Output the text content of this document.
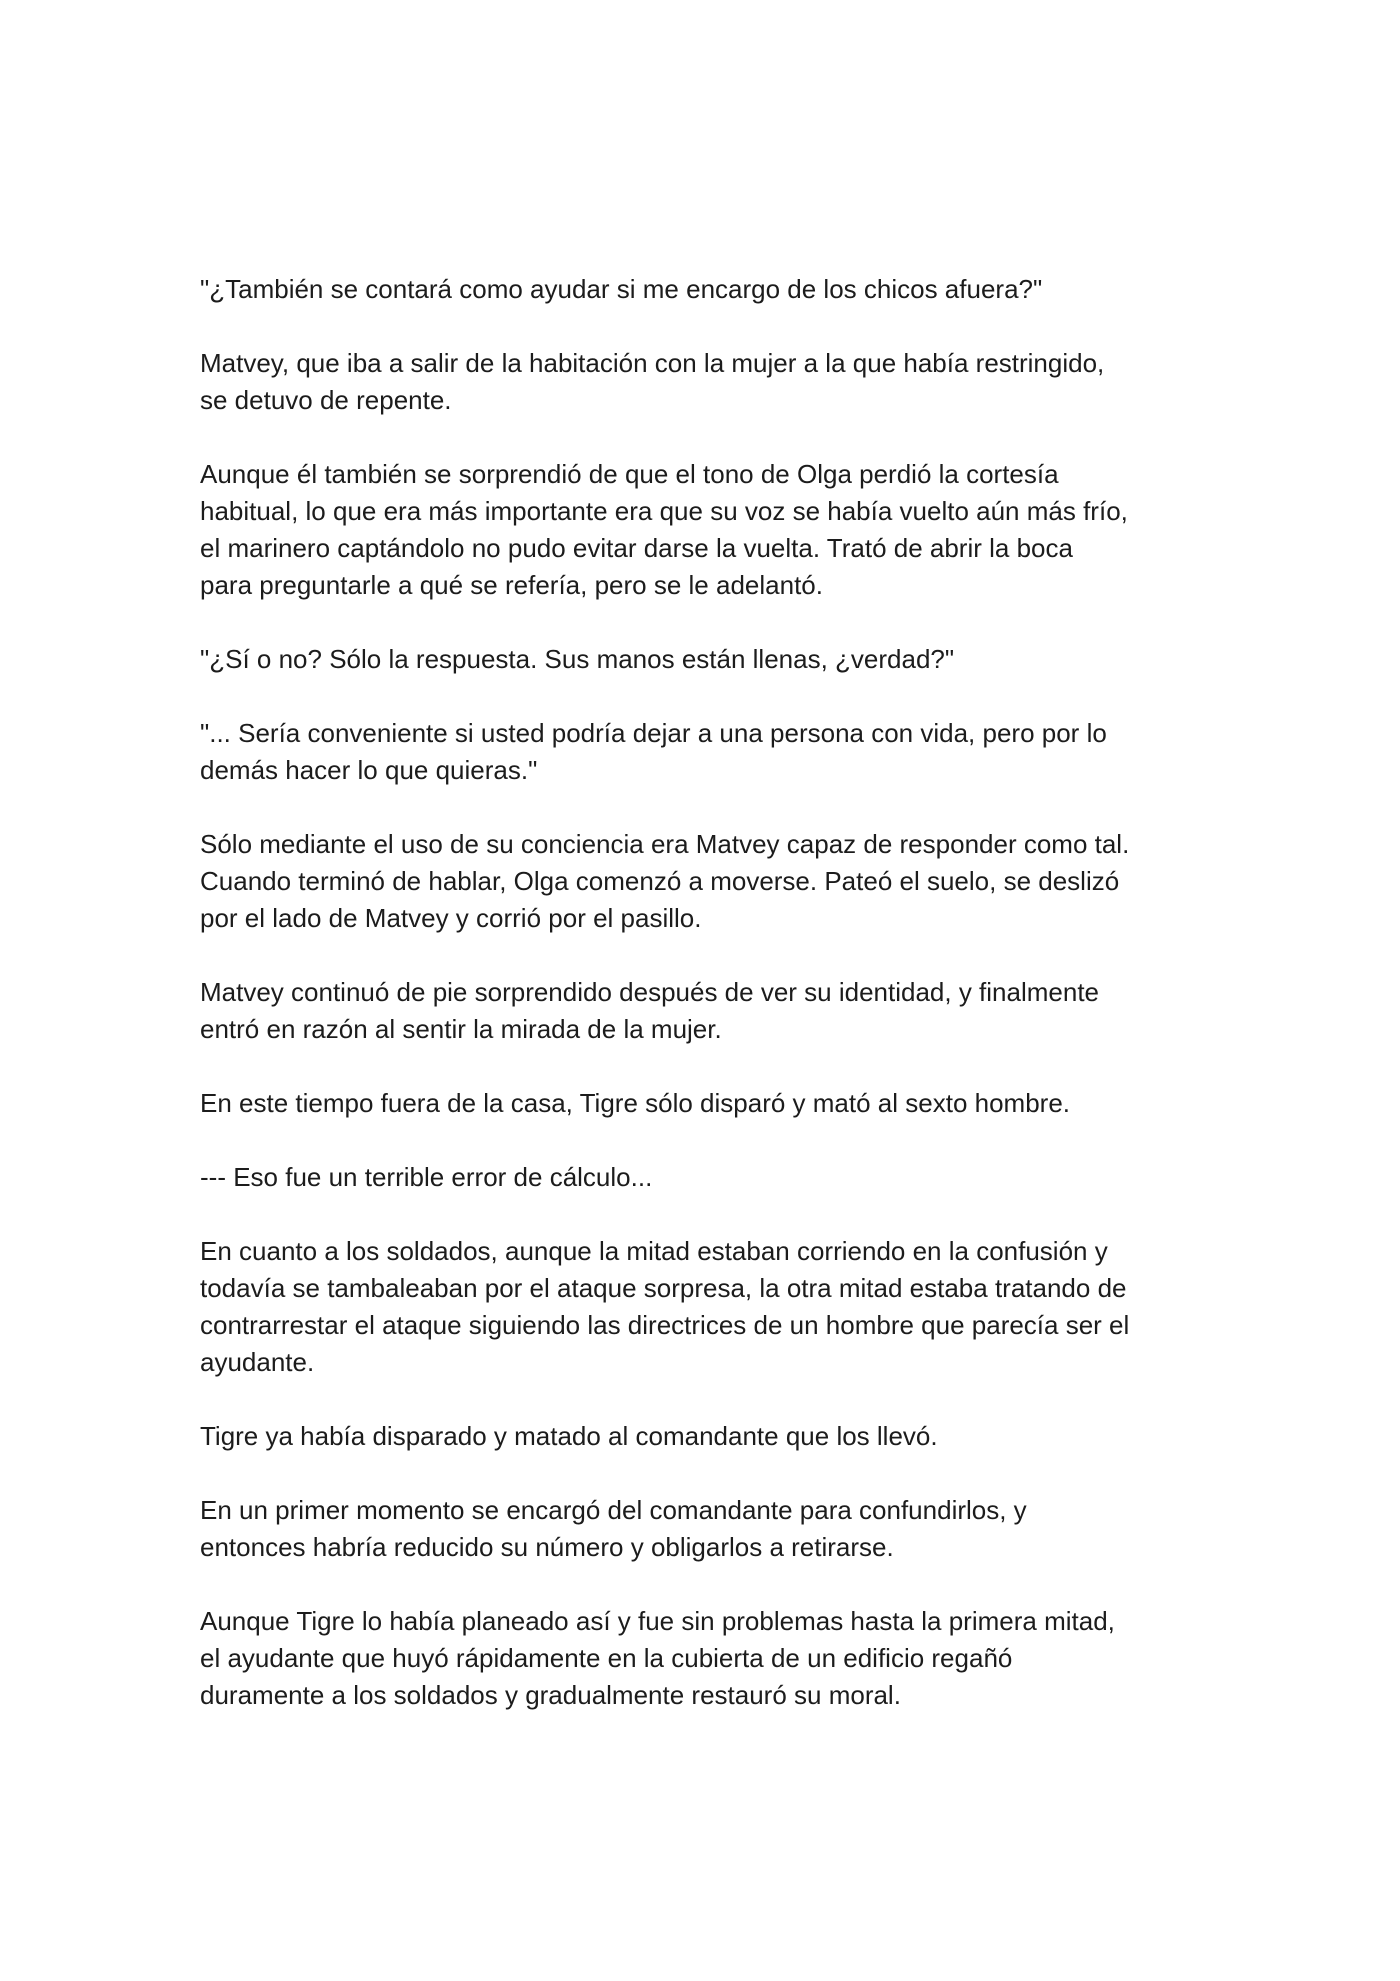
"¿También se contará como ayudar si me encargo de los chicos afuera?"

Matvey, que iba a salir de la habitación con la mujer a la que había restringido,
se detuvo de repente.

Aunque él también se sorprendió de que el tono de Olga perdió la cortesía
habitual, lo que era más importante era que su voz se había vuelto aún más frío,
el marinero captándolo no pudo evitar darse la vuelta. Trató de abrir la boca
para preguntarle a qué se refería, pero se le adelantó.

"¿Sí o no? Sólo la respuesta. Sus manos están llenas, ¿verdad?"

"... Sería conveniente si usted podría dejar a una persona con vida, pero por lo
demás hacer lo que quieras."

Sólo mediante el uso de su conciencia era Matvey capaz de responder como tal.
Cuando terminó de hablar, Olga comenzó a moverse. Pateó el suelo, se deslizó
por el lado de Matvey y corrió por el pasillo.

Matvey continuó de pie sorprendido después de ver su identidad, y finalmente
entró en razón al sentir la mirada de la mujer.

En este tiempo fuera de la casa, Tigre sólo disparó y mató al sexto hombre.

--- Eso fue un terrible error de cálculo...

En cuanto a los soldados, aunque la mitad estaban corriendo en la confusión y
todavía se tambaleaban por el ataque sorpresa, la otra mitad estaba tratando de
contrarrestar el ataque siguiendo las directrices de un hombre que parecía ser el
ayudante.

Tigre ya había disparado y matado al comandante que los llevó.

En un primer momento se encargó del comandante para confundirlos, y
entonces habría reducido su número y obligarlos a retirarse.

Aunque Tigre lo había planeado así y fue sin problemas hasta la primera mitad,
el ayudante que huyó rápidamente en la cubierta de un edificio regañó
duramente a los soldados y gradualmente restauró su moral.
